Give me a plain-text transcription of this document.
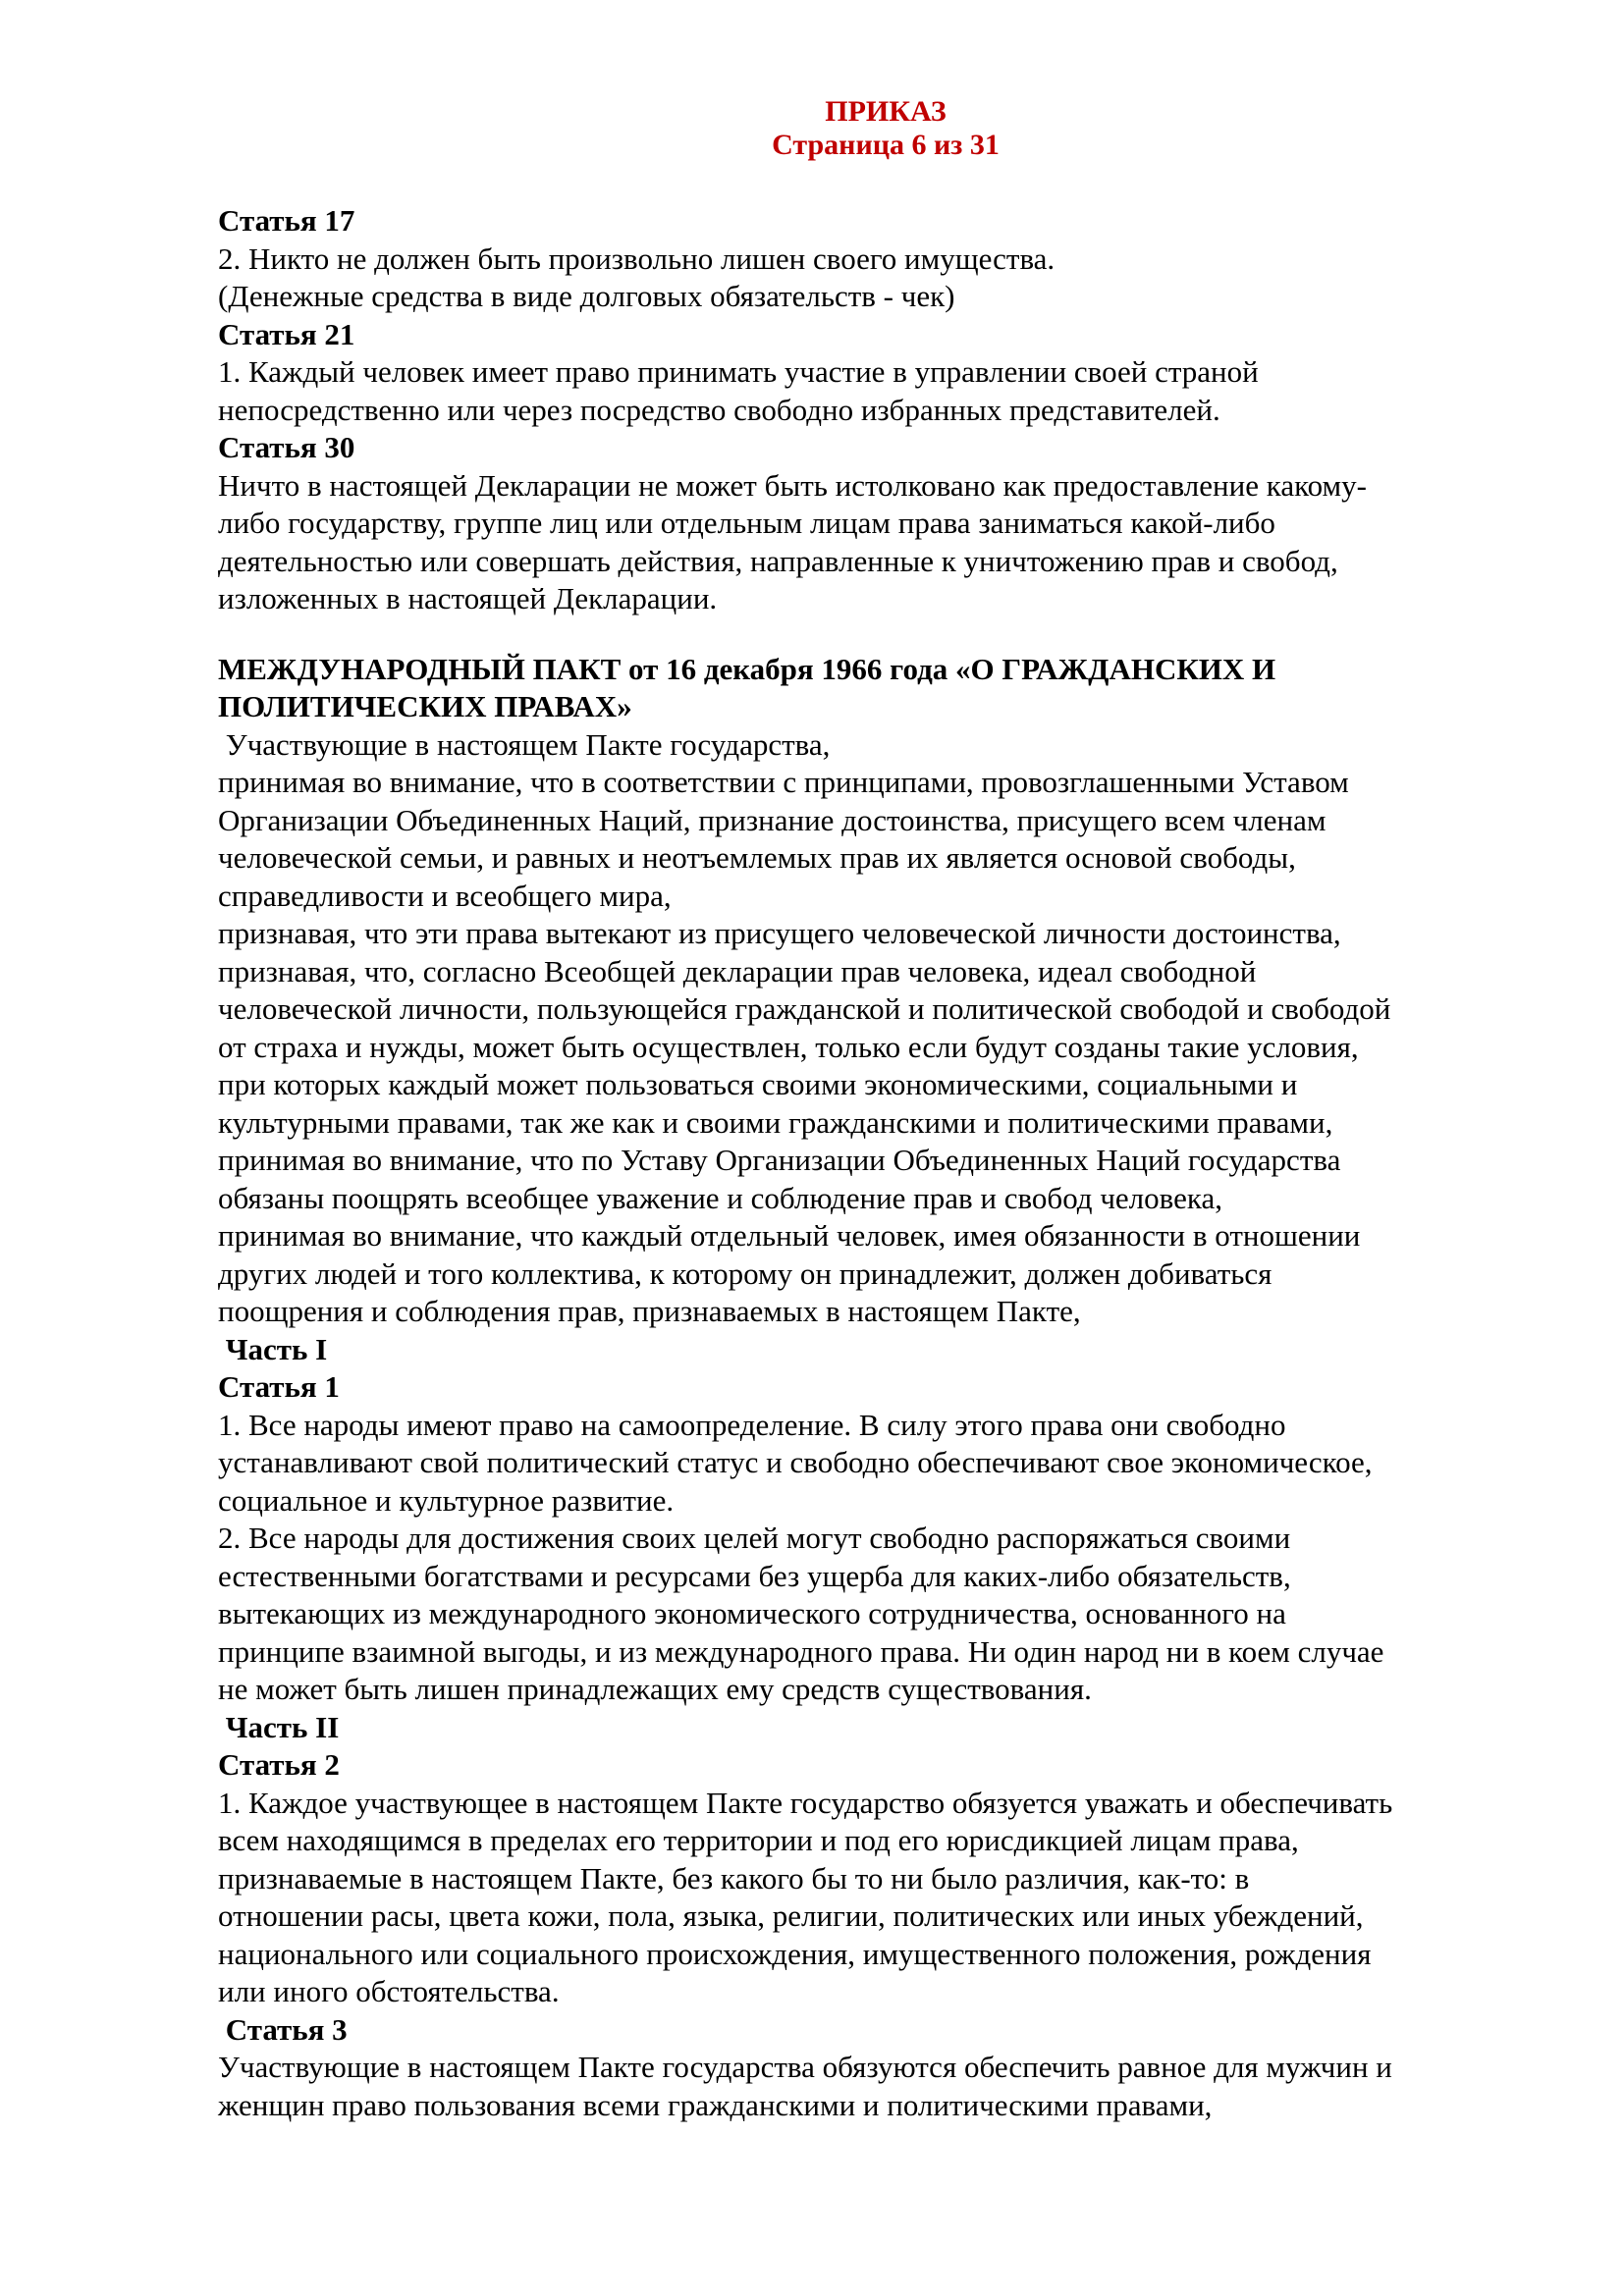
ПРИКАЗ
Страница 6 из 31
Статья 17
2. Никто не должен быть произвольно лишен своего имущества.
(Денежные средства в виде долговых обязательств - чек)
Статья 21
1. Каждый человек имеет право принимать участие в управлении своей страной
непосредственно или через посредство свободно избранных представителей.
Статья 30
Ничто в настоящей Декларации не может быть истолковано как предоставление какому-
либо государству, группе лиц или отдельным лицам права заниматься какой-либо
деятельностью или совершать действия, направленные к уничтожению прав и свобод,
изложенных в настоящей Декларации.
МЕЖДУНАРОДНЫЙ ПАКТ от 16 декабря 1966 года «О ГРАЖДАНСКИХ И
ПОЛИТИЧЕСКИХ ПРАВАХ»
Участвующие в настоящем Пакте государства,
принимая во внимание, что в соответствии с принципами, провозглашенными Уставом
Организации Объединенных Наций, признание достоинства, присущего всем членам
человеческой семьи, и равных и неотъемлемых прав их является основой свободы,
справедливости и всеобщего мира,
признавая, что эти права вытекают из присущего человеческой личности достоинства,
признавая, что, согласно Всеобщей декларации прав человека, идеал свободной
человеческой личности, пользующейся гражданской и политической свободой и свободой
от страха и нужды, может быть осуществлен, только если будут созданы такие условия,
при которых каждый может пользоваться своими экономическими, социальными и
культурными правами, так же как и своими гражданскими и политическими правами,
принимая во внимание, что по Уставу Организации Объединенных Наций государства
обязаны поощрять всеобщее уважение и соблюдение прав и свобод человека,
принимая во внимание, что каждый отдельный человек, имея обязанности в отношении
других людей и того коллектива, к которому он принадлежит, должен добиваться
поощрения и соблюдения прав, признаваемых в настоящем Пакте,
Часть I
Статья 1
1. Все народы имеют право на самоопределение. В силу этого права они свободно
устанавливают свой политический статус и свободно обеспечивают свое экономическое,
социальное и культурное развитие.
2. Все народы для достижения своих целей могут свободно распоряжаться своими
естественными богатствами и ресурсами без ущерба для каких-либо обязательств,
вытекающих из международного экономического сотрудничества, основанного на
принципе взаимной выгоды, и из международного права. Ни один народ ни в коем случае
не может быть лишен принадлежащих ему средств существования.
Часть II
Статья 2
1. Каждое участвующее в настоящем Пакте государство обязуется уважать и обеспечивать
всем находящимся в пределах его территории и под его юрисдикцией лицам права,
признаваемые в настоящем Пакте, без какого бы то ни было различия, как-то: в
отношении расы, цвета кожи, пола, языка, религии, политических или иных убеждений,
национального или социального происхождения, имущественного положения, рождения
или иного обстоятельства.
Статья 3
Участвующие в настоящем Пакте государства обязуются обеспечить равное для мужчин и
женщин право пользования всеми гражданскими и политическими правами,
